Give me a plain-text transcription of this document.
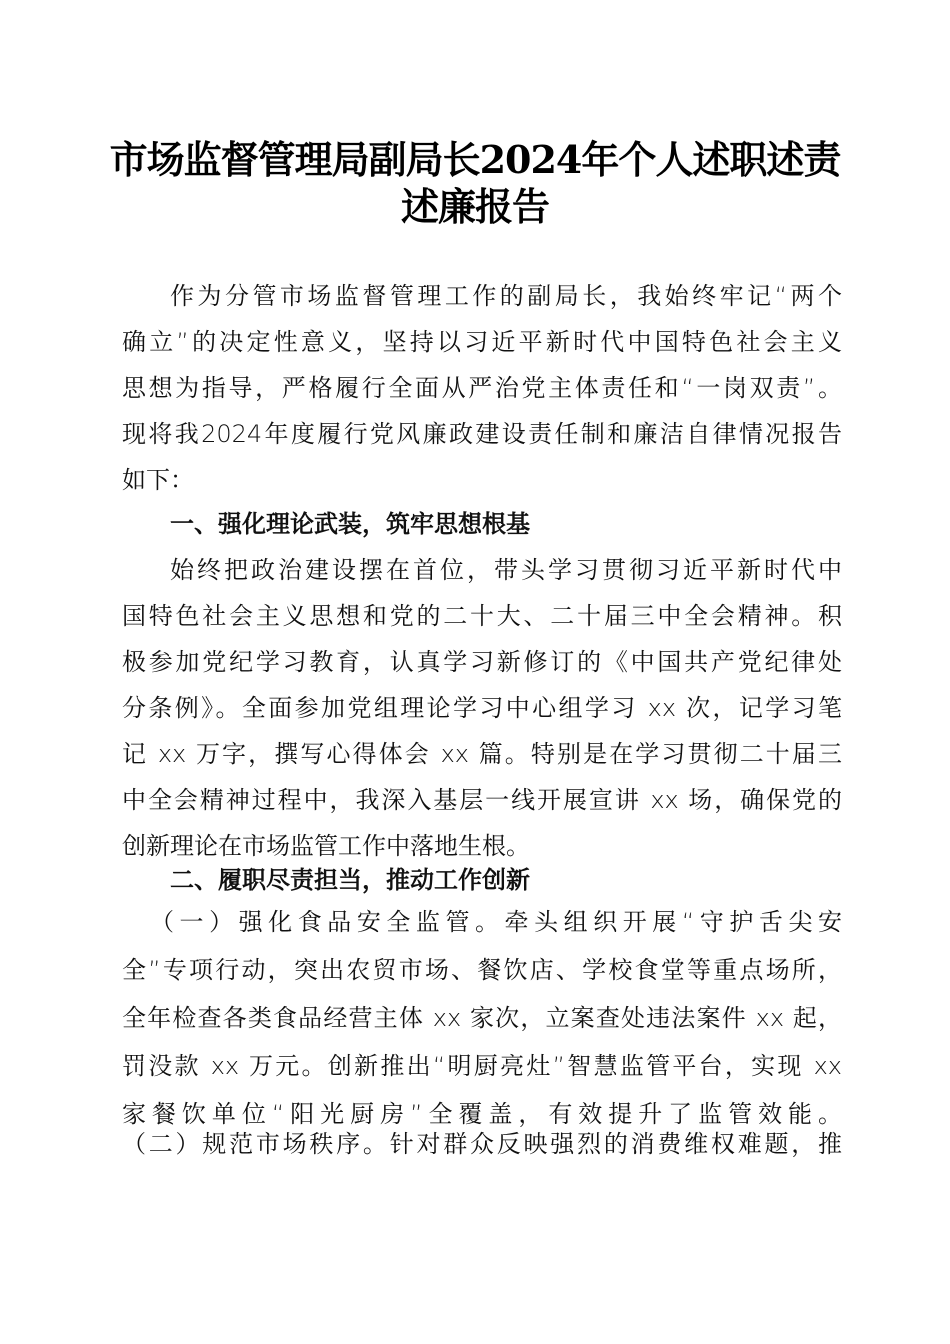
市场监督管理局副局长2024年个人述职述责
述廉报告
作为分管市场监督管理工作的副局长，我始终牢记“两个
确立”的决定性意义，坚持以习近平新时代中国特色社会主义
思想为指导，严格履行全面从严治党主体责任和“一岗双责”。
现将我2024年度履行党风廉政建设责任制和廉洁自律情况报告
如下：
一、强化理论武装，筑牢思想根基
始终把政治建设摆在首位，带头学习贯彻习近平新时代中
国特色社会主义思想和党的二十大、二十届三中全会精神。积
极参加党纪学习教育，认真学习新修订的《中国共产党纪律处
分条例》。全面参加党组理论学习中心组学习 xx 次，记学习笔
记 xx 万字，撰写心得体会 xx 篇。特别是在学习贯彻二十届三
中全会精神过程中，我深入基层一线开展宣讲 xx 场，确保党的
创新理论在市场监管工作中落地生根。
二、履职尽责担当，推动工作创新
（一）强化食品安全监管。牵头组织开展“守护舌尖安
全”专项行动，突出农贸市场、餐饮店、学校食堂等重点场所，
全年检查各类食品经营主体 xx 家次，立案查处违法案件 xx 起，
罚没款 xx 万元。创新推出“明厨亮灶”智慧监管平台，实现 xx
家餐饮单位“阳光厨房”全覆盖，有效提升了监管效能。
（二）规范市场秩序。针对群众反映强烈的消费维权难题，推
